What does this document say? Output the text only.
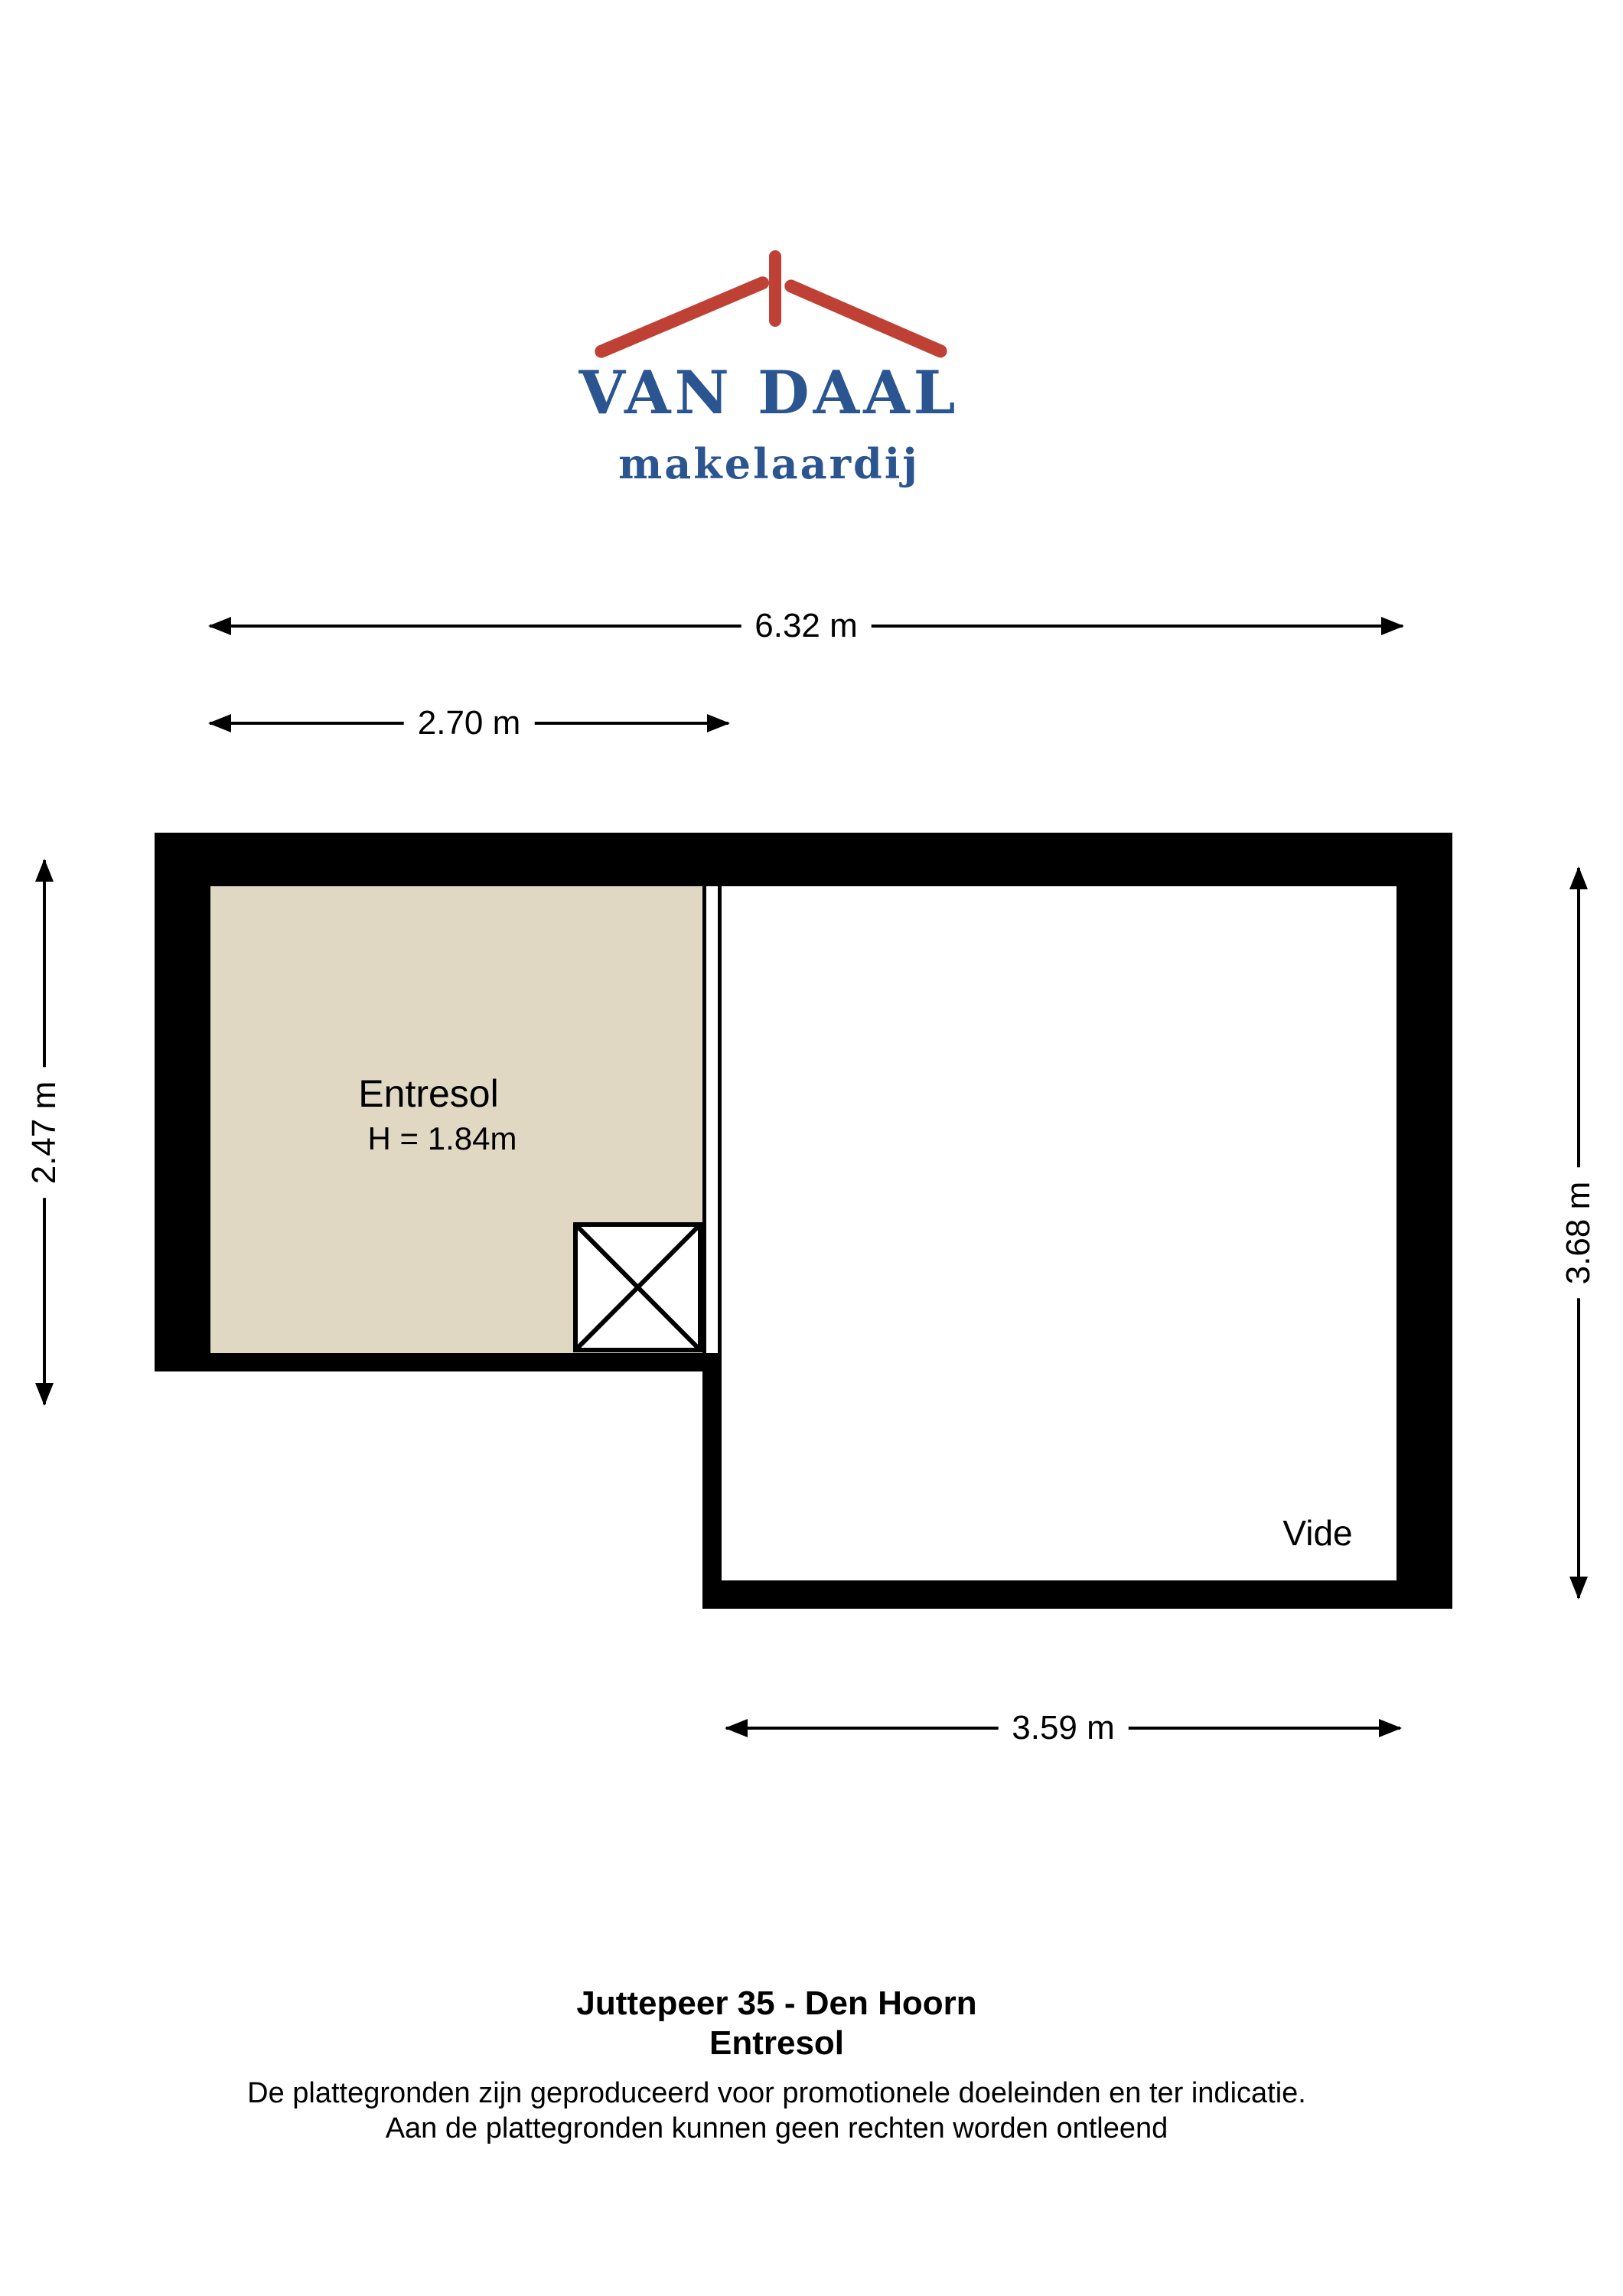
VAN DAAL
makelaardij
Entresol
H = 1.84m
Vide
6.32 m
2.70 m
3.59 m
2.47 m
3.68 m
Juttepeer 35 - Den Hoorn
Entresol
De plattegronden zijn geproduceerd voor promotionele doeleinden en ter indicatie.
Aan de plattegronden kunnen geen rechten worden ontleend
